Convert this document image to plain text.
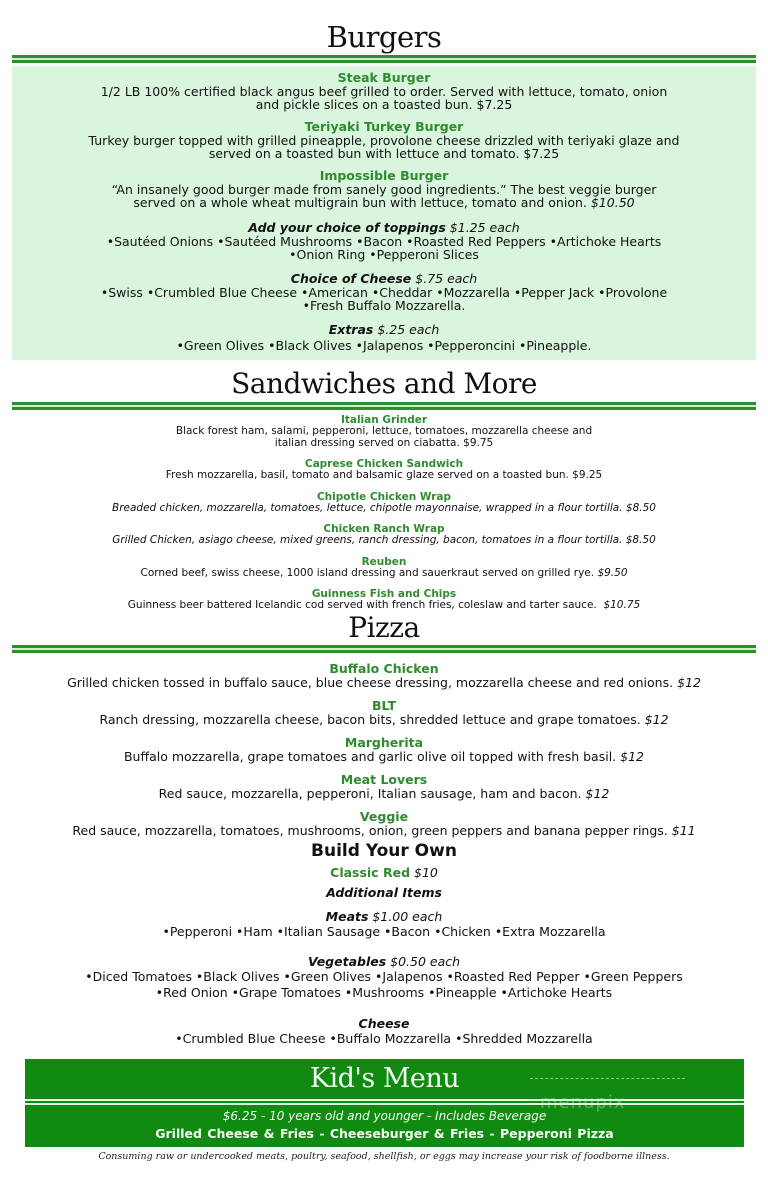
Burgers
Steak Burger
1/2 LB 100% certified black angus beef grilled to order. Served with lettuce, tomato, onion
and pickle slices on a toasted bun. $7.25
Teriyaki Turkey Burger
Turkey burger topped with grilled pineapple, provolone cheese drizzled with teriyaki glaze and
served on a toasted bun with lettuce and tomato. $7.25
Impossible Burger
“An insanely good burger made from sanely good ingredients.” The best veggie burger
served on a whole wheat multigrain bun with lettuce, tomato and onion. $10.50
Add your choice of toppings $1.25 each
•Sautéed Onions •Sautéed Mushrooms •Bacon •Roasted Red Peppers •Artichoke Hearts
•Onion Ring •Pepperoni Slices
Choice of Cheese $.75 each
•Swiss •Crumbled Blue Cheese •American •Cheddar •Mozzarella •Pepper Jack •Provolone
•Fresh Buffalo Mozzarella.
Extras $.25 each
•Green Olives •Black Olives •Jalapenos •Pepperoncini •Pineapple.
Sandwiches and More
Italian Grinder
Black forest ham, salami, pepperoni, lettuce, tomatoes, mozzarella cheese and
italian dressing served on ciabatta. $9.75
Caprese Chicken Sandwich
Fresh mozzarella, basil, tomato and balsamic glaze served on a toasted bun. $9.25
Chipotle Chicken Wrap
Breaded chicken, mozzarella, tomatoes, lettuce, chipotle mayonnaise, wrapped in a flour tortilla. $8.50
Chicken Ranch Wrap
Grilled Chicken, asiago cheese, mixed greens, ranch dressing, bacon, tomatoes in a flour tortilla. $8.50
Reuben
Corned beef, swiss cheese, 1000 island dressing and sauerkraut served on grilled rye. $9.50
Guinness Fish and Chips
Guinness beer battered Icelandic cod served with french fries, coleslaw and tarter sauce. $10.75
Pizza
Buffalo Chicken
Grilled chicken tossed in buffalo sauce, blue cheese dressing, mozzarella cheese and red onions. $12
BLT
Ranch dressing, mozzarella cheese, bacon bits, shredded lettuce and grape tomatoes. $12
Margherita
Buffalo mozzarella, grape tomatoes and garlic olive oil topped with fresh basil. $12
Meat Lovers
Red sauce, mozzarella, pepperoni, Italian sausage, ham and bacon. $12
Veggie
Red sauce, mozzarella, tomatoes, mushrooms, onion, green peppers and banana pepper rings. $11
Build Your Own
Classic Red $10
Additional Items
Meats $1.00 each
•Pepperoni •Ham •Italian Sausage •Bacon •Chicken •Extra Mozzarella
Vegetables $0.50 each
•Diced Tomatoes •Black Olives •Green Olives •Jalapenos •Roasted Red Pepper •Green Peppers
•Red Onion •Grape Tomatoes •Mushrooms •Pineapple •Artichoke Hearts
Cheese
•Crumbled Blue Cheese •Buffalo Mozzarella •Shredded Mozzarella
Kid's Menu
$6.25 - 10 years old and younger - Includes Beverage
Grilled Cheese & Fries - Cheeseburger & Fries - Pepperoni Pizza
menupix
Consuming raw or undercooked meats, poultry, seafood, shellfish, or eggs may increase your risk of foodborne illness.
